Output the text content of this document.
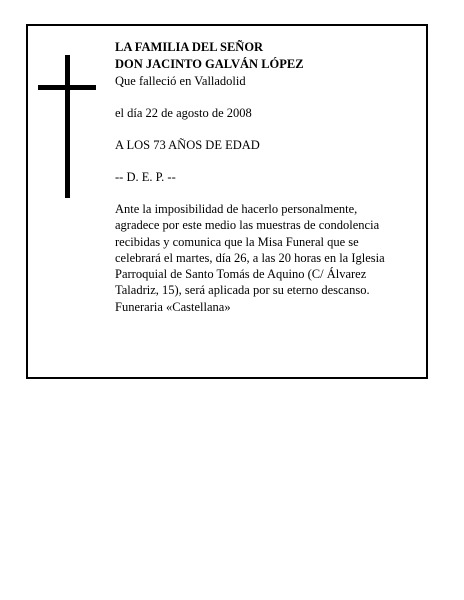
LA FAMILIA DEL SEÑOR
DON JACINTO GALVÁN LÓPEZ
Que falleció en Valladolid
el día 22 de agosto de 2008
A LOS 73 AÑOS DE EDAD
-- D. E. P. --
Ante la imposibilidad de hacerlo personalmente,
agradece por este medio las muestras de condolencia
recibidas y comunica que la Misa Funeral que se
celebrará el martes, día 26, a las 20 horas en la Iglesia
Parroquial de Santo Tomás de Aquino (C/ Álvarez
Taladriz, 15), será aplicada por su eterno descanso.
Funeraria «Castellana»
